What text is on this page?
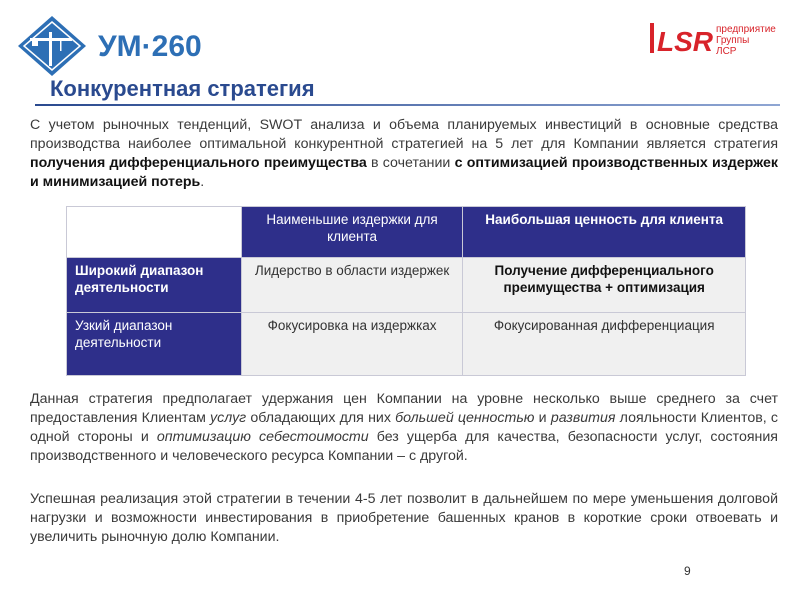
УМ·260	LSR предприятие
Группы
ЛСР
Конкурентная стратегия

С учетом рыночных тенденций, SWOT анализа и объема планируемых инвестиций в основные средства производства наиболее оптимальной конкурентной стратегией на 5 лет для Компании является стратегия получения дифференциального преимущества в сочетании с оптимизацией производственных издержек и минимизацией потерь.

	Наименьшие издержки для клиента	Наибольшая ценность для клиента
Широкий диапазон деятельности	Лидерство в области издержек	Получение дифференциального преимущества + оптимизация
Узкий диапазон деятельности	Фокусировка на издержках	Фокусированная дифференциация

Данная стратегия предполагает удержания цен Компании на уровне несколько выше среднего за счет предоставления Клиентам услуг обладающих для них большей ценностью и развития лояльности Клиентов, с одной стороны и оптимизацию себестоимости без ущерба для качества, безопасности услуг, состояния производственного и человеческого ресурса Компании – с другой.

Успешная реализация этой стратегии в течении 4-5 лет позволит в дальнейшем по мере уменьшения долговой нагрузки и возможности инвестирования в приобретение башенных кранов в короткие сроки отвоевать и увеличить рыночную долю Компании.

9
